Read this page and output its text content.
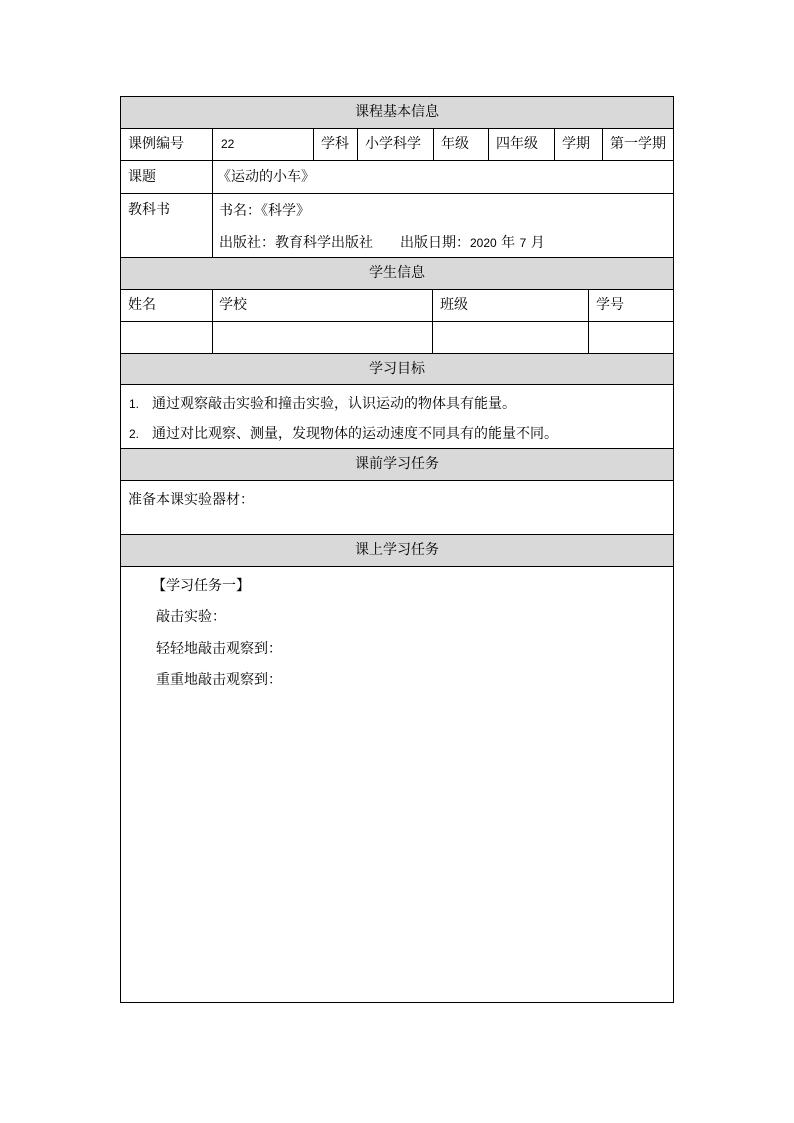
课程基本信息
课例编号	22	学科	小学科学	年级	四年级	学期	第一学期
课题	《运动的小车》
教科书	书名：《科学》
出版社：教育科学出版社 出版日期：2020 年 7 月
学生信息
姓名	学校	班级	学号
学习目标
1. 通过观察敲击实验和撞击实验，认识运动的物体具有能量。
2. 通过对比观察、测量，发现物体的运动速度不同具有的能量不同。
课前学习任务
准备本课实验器材：
课上学习任务
【学习任务一】
敲击实验：
轻轻地敲击观察到：
重重地敲击观察到：
